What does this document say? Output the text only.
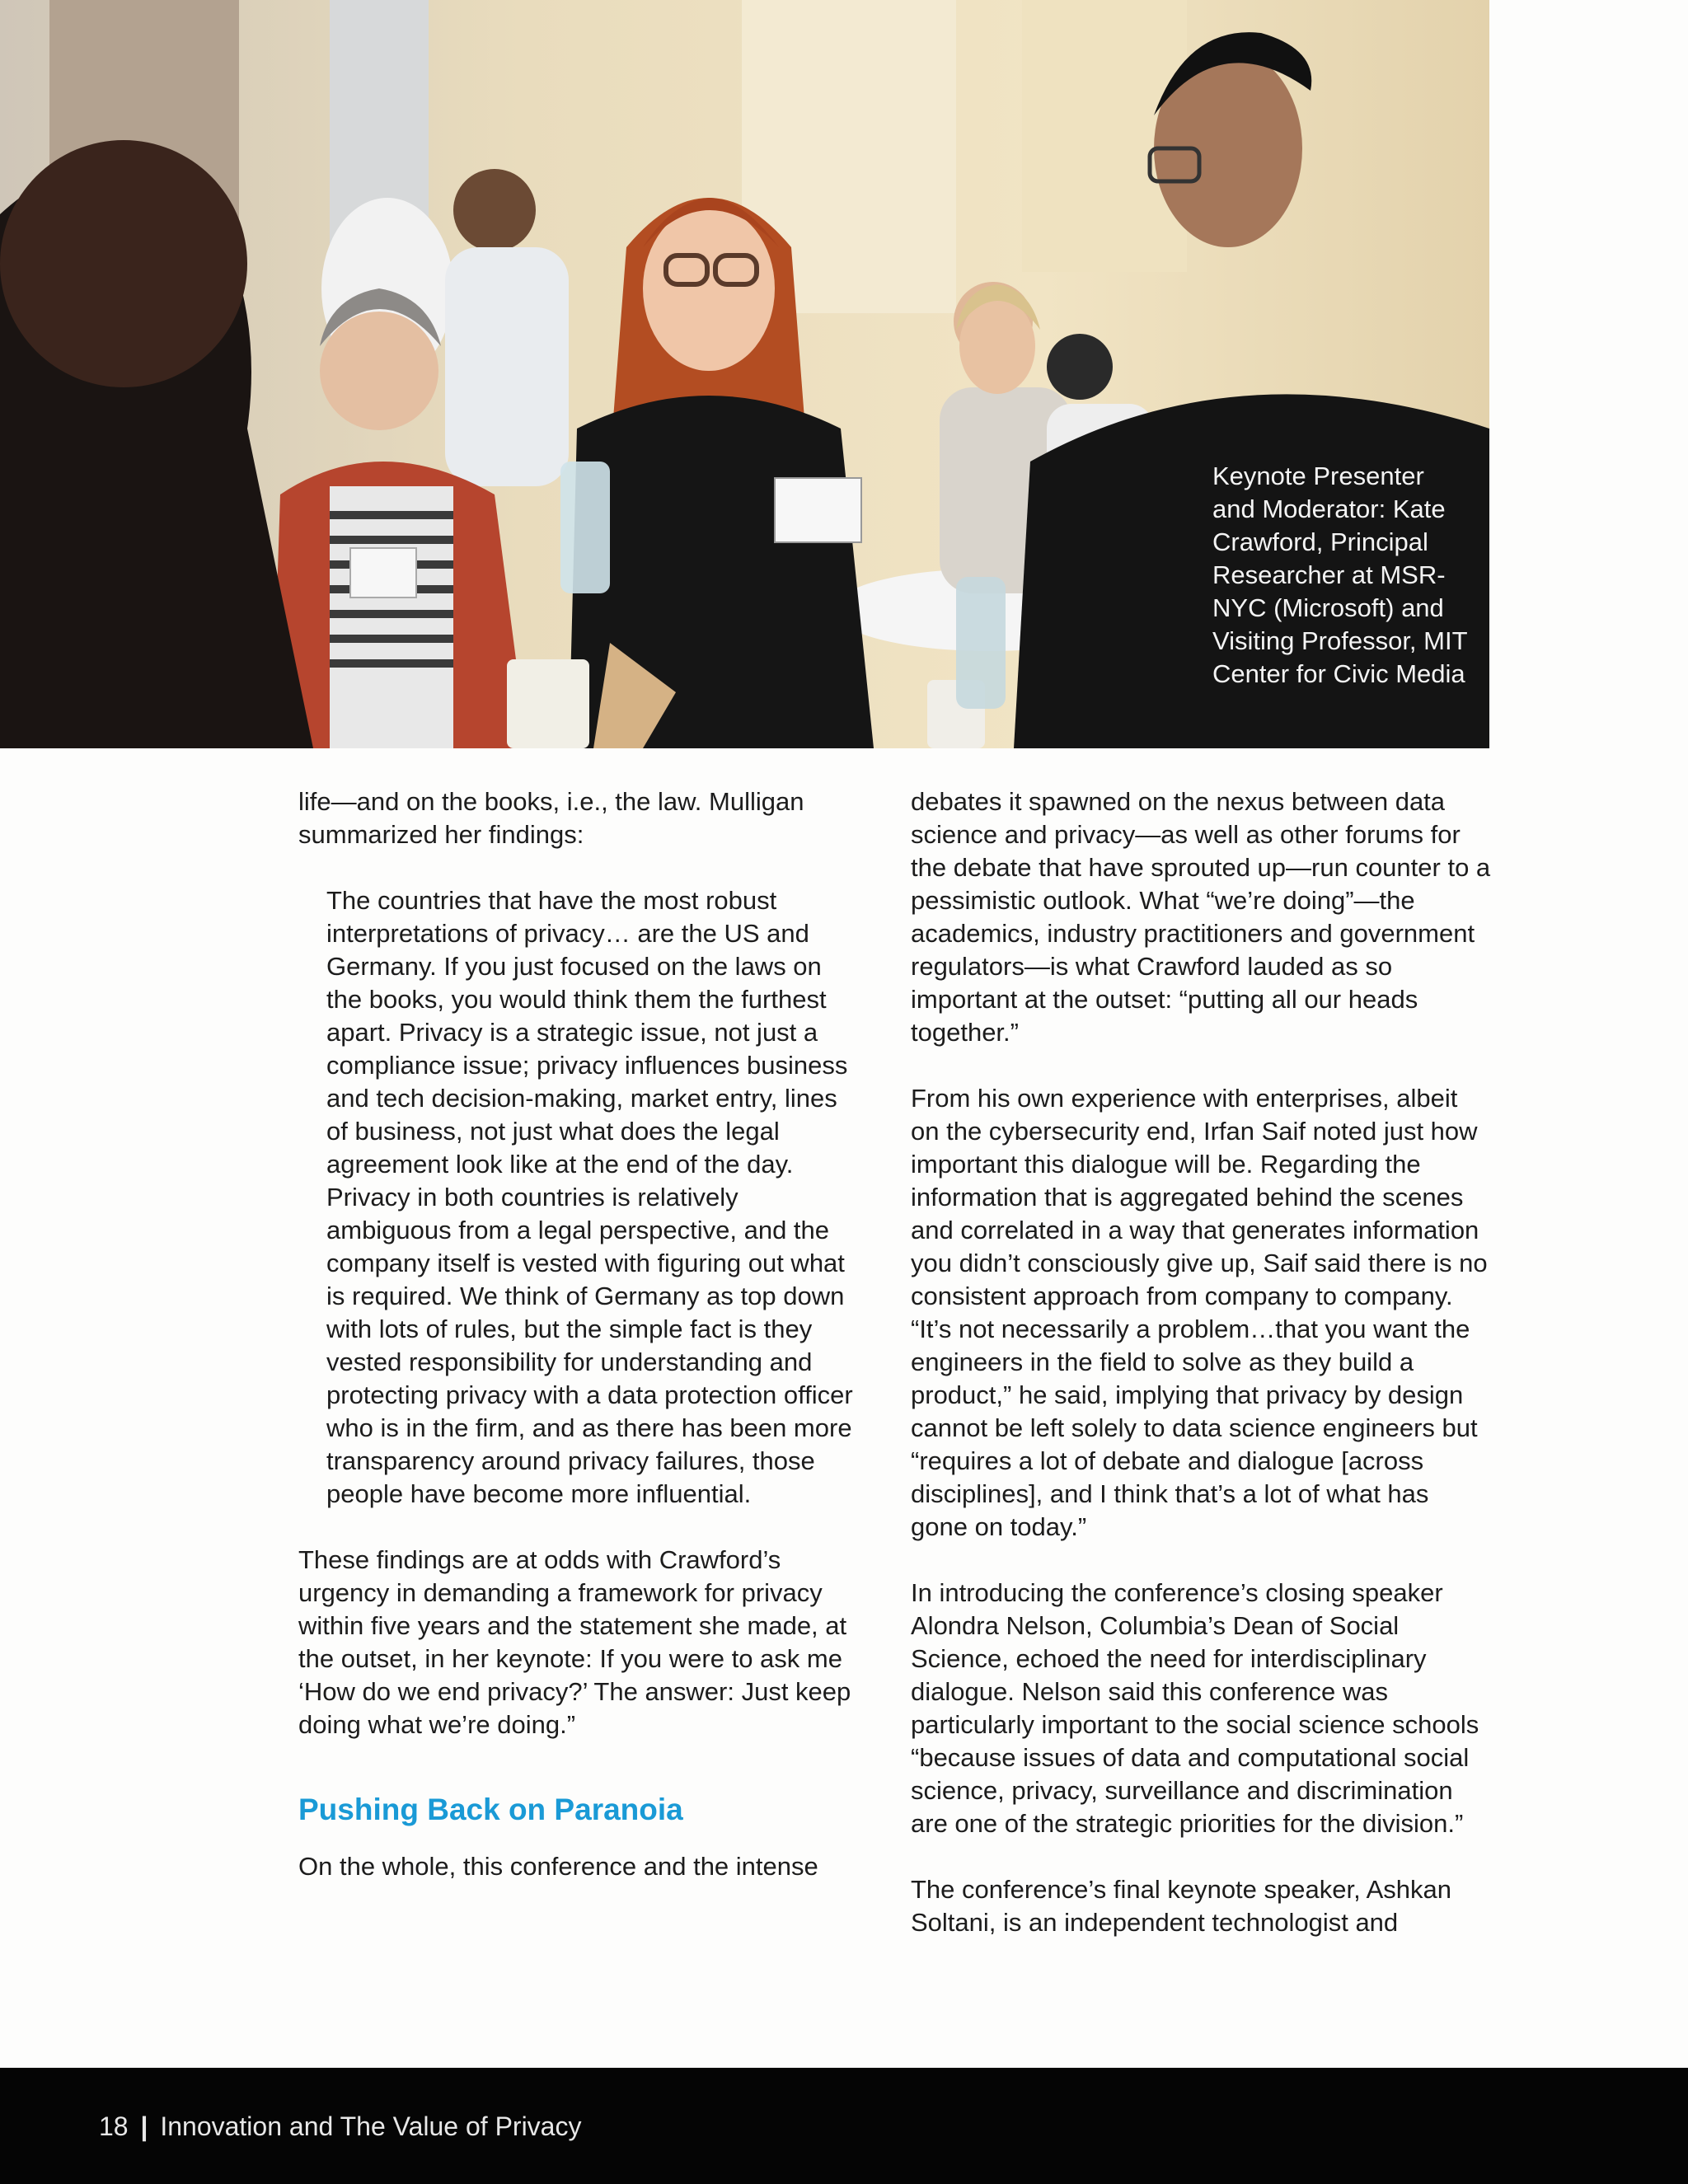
Keynote Presenter and Moderator: Kate Crawford, Principal Researcher at MSR-NYC (Microsoft) and Visiting Professor, MIT Center for Civic Media

life—and on the books, i.e., the law. Mulligan summarized her findings:

The countries that have the most robust interpretations of privacy… are the US and Germany. If you just focused on the laws on the books, you would think them the furthest apart. Privacy is a strategic issue, not just a compliance issue; privacy influences business and tech decision-making, market entry, lines of business, not just what does the legal agreement look like at the end of the day. Privacy in both countries is relatively ambiguous from a legal perspective, and the company itself is vested with figuring out what is required. We think of Germany as top down with lots of rules, but the simple fact is they vested responsibility for understanding and protecting privacy with a data protection officer who is in the firm, and as there has been more transparency around privacy failures, those people have become more influential.

These findings are at odds with Crawford’s urgency in demanding a framework for privacy within five years and the statement she made, at the outset, in her keynote: If you were to ask me ‘How do we end privacy?’ The answer: Just keep doing what we’re doing.”

Pushing Back on Paranoia

On the whole, this conference and the intense

debates it spawned on the nexus between data science and privacy—as well as other forums for the debate that have sprouted up—run counter to a pessimistic outlook. What “we’re doing”—the academics, industry practitioners and government regulators—is what Crawford lauded as so important at the outset: “putting all our heads together.”

From his own experience with enterprises, albeit on the cybersecurity end, Irfan Saif noted just how important this dialogue will be. Regarding the information that is aggregated behind the scenes and correlated in a way that generates information you didn’t consciously give up, Saif said there is no consistent approach from company to company. “It’s not necessarily a problem…that you want the engineers in the field to solve as they build a product,” he said, implying that privacy by design cannot be left solely to data science engineers but “requires a lot of debate and dialogue [across disciplines], and I think that’s a lot of what has gone on today.”

In introducing the conference’s closing speaker Alondra Nelson, Columbia’s Dean of Social Science, echoed the need for interdisciplinary dialogue. Nelson said this conference was particularly important to the social science schools “because issues of data and computational social science, privacy, surveillance and discrimination are one of the strategic priorities for the division.”

The conference’s final keynote speaker, Ashkan Soltani, is an independent technologist and

18 | Innovation and The Value of Privacy
